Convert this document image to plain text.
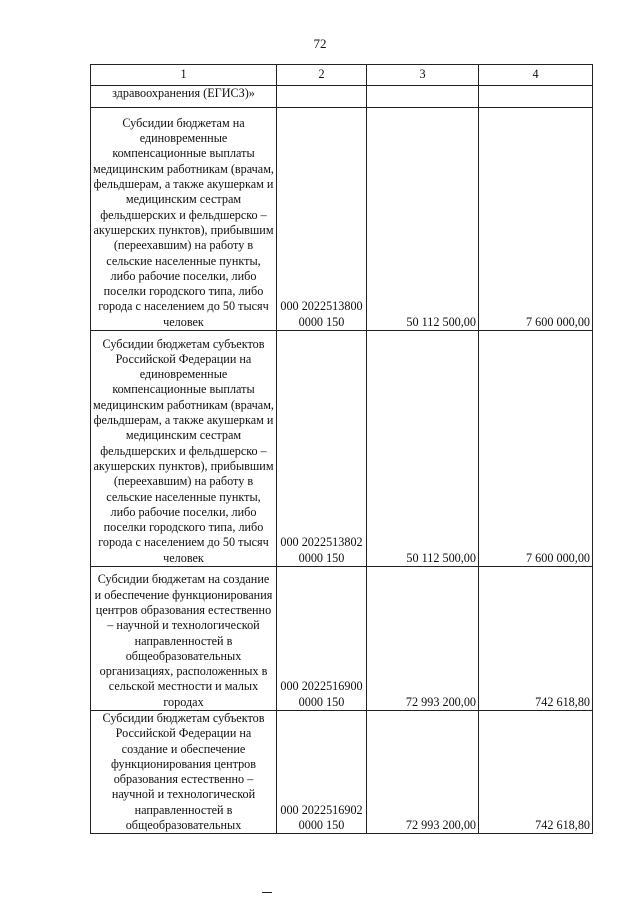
72
1	2	3	4
здравоохранения (ЕГИСЗ)»			
Субсидии бюджетам на единовременные компенсационные выплаты медицинским работникам (врачам, фельдшерам, а также акушеркам и медицинским сестрам фельдшерских и фельдшерско – акушерских пунктов), прибывшим (переехавшим) на работу в сельские населенные пункты, либо рабочие поселки, либо поселки городского типа, либо города с населением до 50 тысяч человек	000 2022513800 0000 150	50 112 500,00	7 600 000,00
Субсидии бюджетам субъектов Российской Федерации на единовременные компенсационные выплаты медицинским работникам (врачам, фельдшерам, а также акушеркам и медицинским сестрам фельдшерских и фельдшерско – акушерских пунктов), прибывшим (переехавшим) на работу в сельские населенные пункты, либо рабочие поселки, либо поселки городского типа, либо города с населением до 50 тысяч человек	000 2022513802 0000 150	50 112 500,00	7 600 000,00
Субсидии бюджетам на создание и обеспечение функционирования центров образования естественно – научной и технологической направленностей в общеобразовательных организациях, расположенных в сельской местности и малых городах	000 2022516900 0000 150	72 993 200,00	742 618,80
Субсидии бюджетам субъектов Российской Федерации на создание и обеспечение функционирования центров образования естественно – научной и технологической направленностей в общеобразовательных	000 2022516902 0000 150	72 993 200,00	742 618,80
